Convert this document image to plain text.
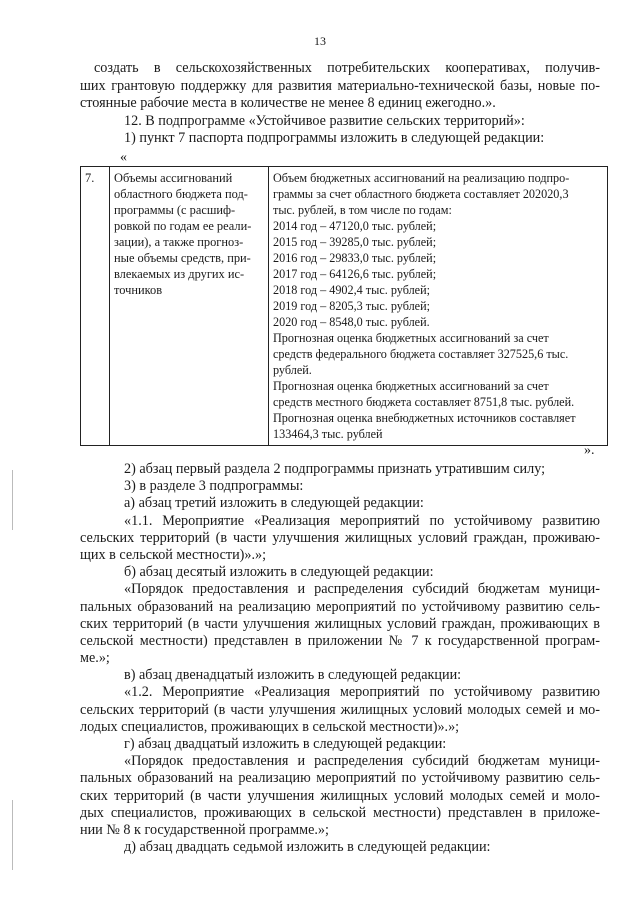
13
создать в сельскохозяйственных потребительских кооперативах, получив-
ших грантовую поддержку для развития материально-технической базы, новые по-
стоянные рабочие места в количестве не менее 8 единиц ежегодно.».
12. В подпрограмме «Устойчивое развитие сельских территорий»:
1) пункт 7 паспорта подпрограммы изложить в следующей редакции:
«
7.	Объемы ассигнований
областного бюджета под-
программы (с расшиф-
ровкой по годам ее реали-
зации), а также прогноз-
ные объемы средств, при-
влекаемых из других ис-
точников

Объем бюджетных ассигнований на реализацию подпро-
граммы за счет областного бюджета составляет 202020,3
тыс. рублей, в том числе по годам:
2014 год – 47120,0 тыс. рублей;
2015 год – 39285,0 тыс. рублей;
2016 год – 29833,0 тыс. рублей;
2017 год – 64126,6 тыс. рублей;
2018 год – 4902,4 тыс. рублей;
2019 год – 8205,3 тыс. рублей;
2020 год – 8548,0 тыс. рублей.
Прогнозная оценка бюджетных ассигнований за счет
средств федерального бюджета составляет 327525,6 тыс.
рублей.
Прогнозная оценка бюджетных ассигнований за счет
средств местного бюджета составляет 8751,8 тыс. рублей.
Прогнозная оценка внебюджетных источников составляет
133464,3 тыс. рублей
».
2) абзац первый раздела 2 подпрограммы признать утратившим силу;
3) в разделе 3 подпрограммы:
а) абзац третий изложить в следующей редакции:
«1.1. Мероприятие «Реализация мероприятий по устойчивому развитию
сельских территорий (в части улучшения жилищных условий граждан, проживаю-
щих в сельской местности)».»;
б) абзац десятый изложить в следующей редакции:
«Порядок предоставления и распределения субсидий бюджетам муници-
пальных образований на реализацию мероприятий по устойчивому развитию сель-
ских территорий (в части улучшения жилищных условий граждан, проживающих в
сельской местности) представлен в приложении № 7 к государственной програм-
ме.»;
в) абзац двенадцатый изложить в следующей редакции:
«1.2. Мероприятие «Реализация мероприятий по устойчивому развитию
сельских территорий (в части улучшения жилищных условий молодых семей и мо-
лодых специалистов, проживающих в сельской местности)».»;
г) абзац двадцатый изложить в следующей редакции:
«Порядок предоставления и распределения субсидий бюджетам муници-
пальных образований на реализацию мероприятий по устойчивому развитию сель-
ских территорий (в части улучшения жилищных условий молодых семей и моло-
дых специалистов, проживающих в сельской местности) представлен в приложе-
нии № 8 к государственной программе.»;
д) абзац двадцать седьмой изложить в следующей редакции:
